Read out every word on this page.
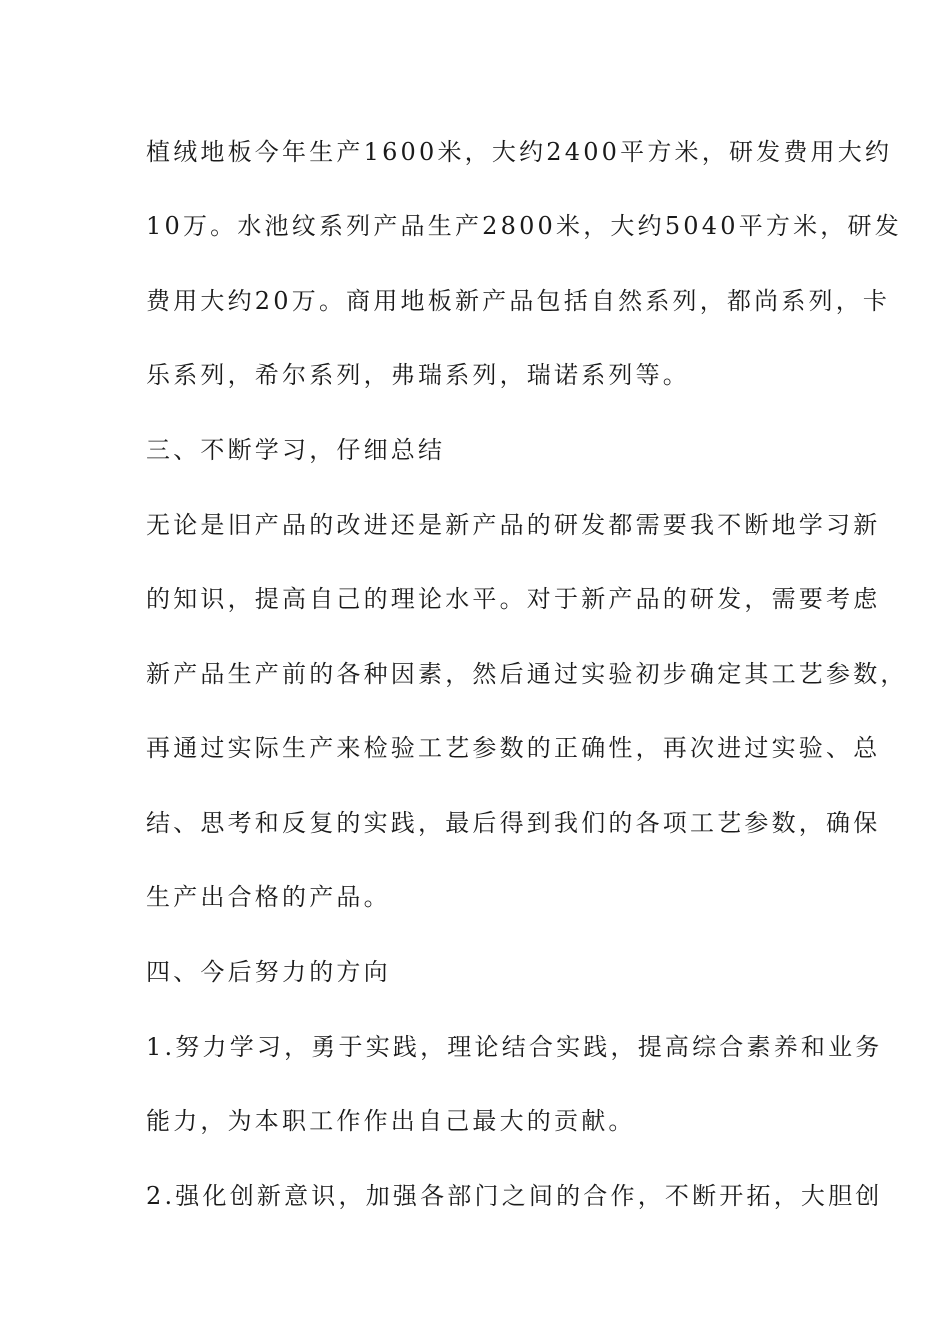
植绒地板今年生产1600米，大约2400平方米，研发费用大约
10万。水池纹系列产品生产2800米，大约5040平方米，研发
费用大约20万。商用地板新产品包括自然系列，都尚系列，卡
乐系列，希尔系列，弗瑞系列，瑞诺系列等。
三、不断学习，仔细总结
无论是旧产品的改进还是新产品的研发都需要我不断地学习新
的知识，提高自己的理论水平。对于新产品的研发，需要考虑
新产品生产前的各种因素，然后通过实验初步确定其工艺参数，
再通过实际生产来检验工艺参数的正确性，再次进过实验、总
结、思考和反复的实践，最后得到我们的各项工艺参数，确保
生产出合格的产品。
四、今后努力的方向
1.努力学习，勇于实践，理论结合实践，提高综合素养和业务
能力，为本职工作作出自己最大的贡献。
2.强化创新意识，加强各部门之间的合作，不断开拓，大胆创
